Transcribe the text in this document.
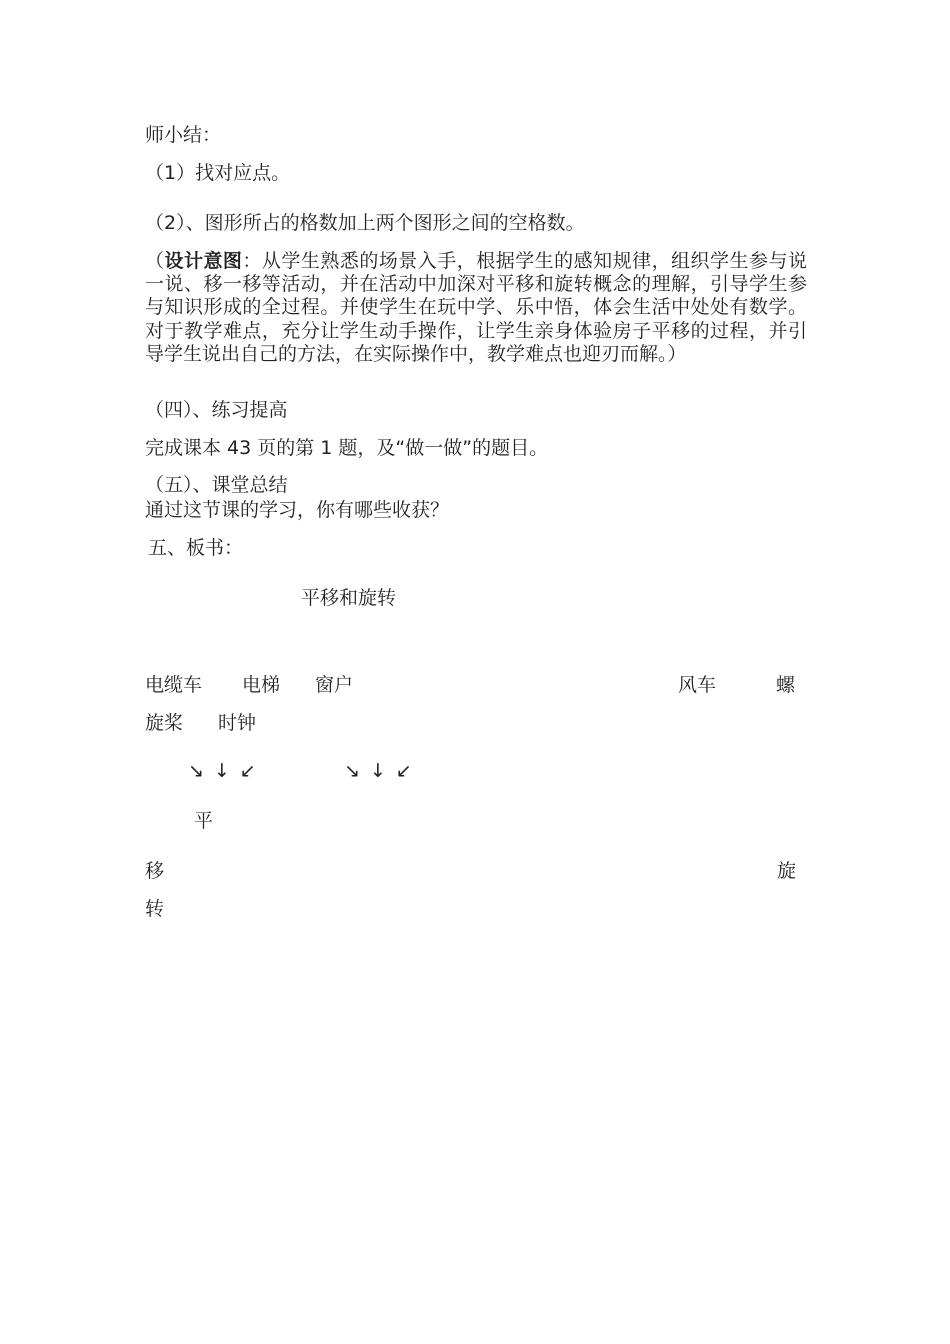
师小结：
（1）找对应点。
（2）、图形所占的格数加上两个图形之间的空格数。
（设计意图：从学生熟悉的场景入手，根据学生的感知规律，组织学生参与说一说、移一移等活动，并在活动中加深对平移和旋转概念的理解，引导学生参与知识形成的全过程。并使学生在玩中学、乐中悟，体会生活中处处有数学。对于教学难点，充分让学生动手操作，让学生亲身体验房子平移的过程，并引导学生说出自己的方法，在实际操作中，教学难点也迎刃而解。）
（四）、练习提高
完成课本 43 页的第 1 题，及“做一做”的题目。
（五）、课堂总结
通过这节课的学习，你有哪些收获？
五、板书：
平移和旋转
电缆车 电梯 窗户	风车	螺
旋桨 时钟
↘ ↓ ↙	↘ ↓ ↙
平
移	旋
转
